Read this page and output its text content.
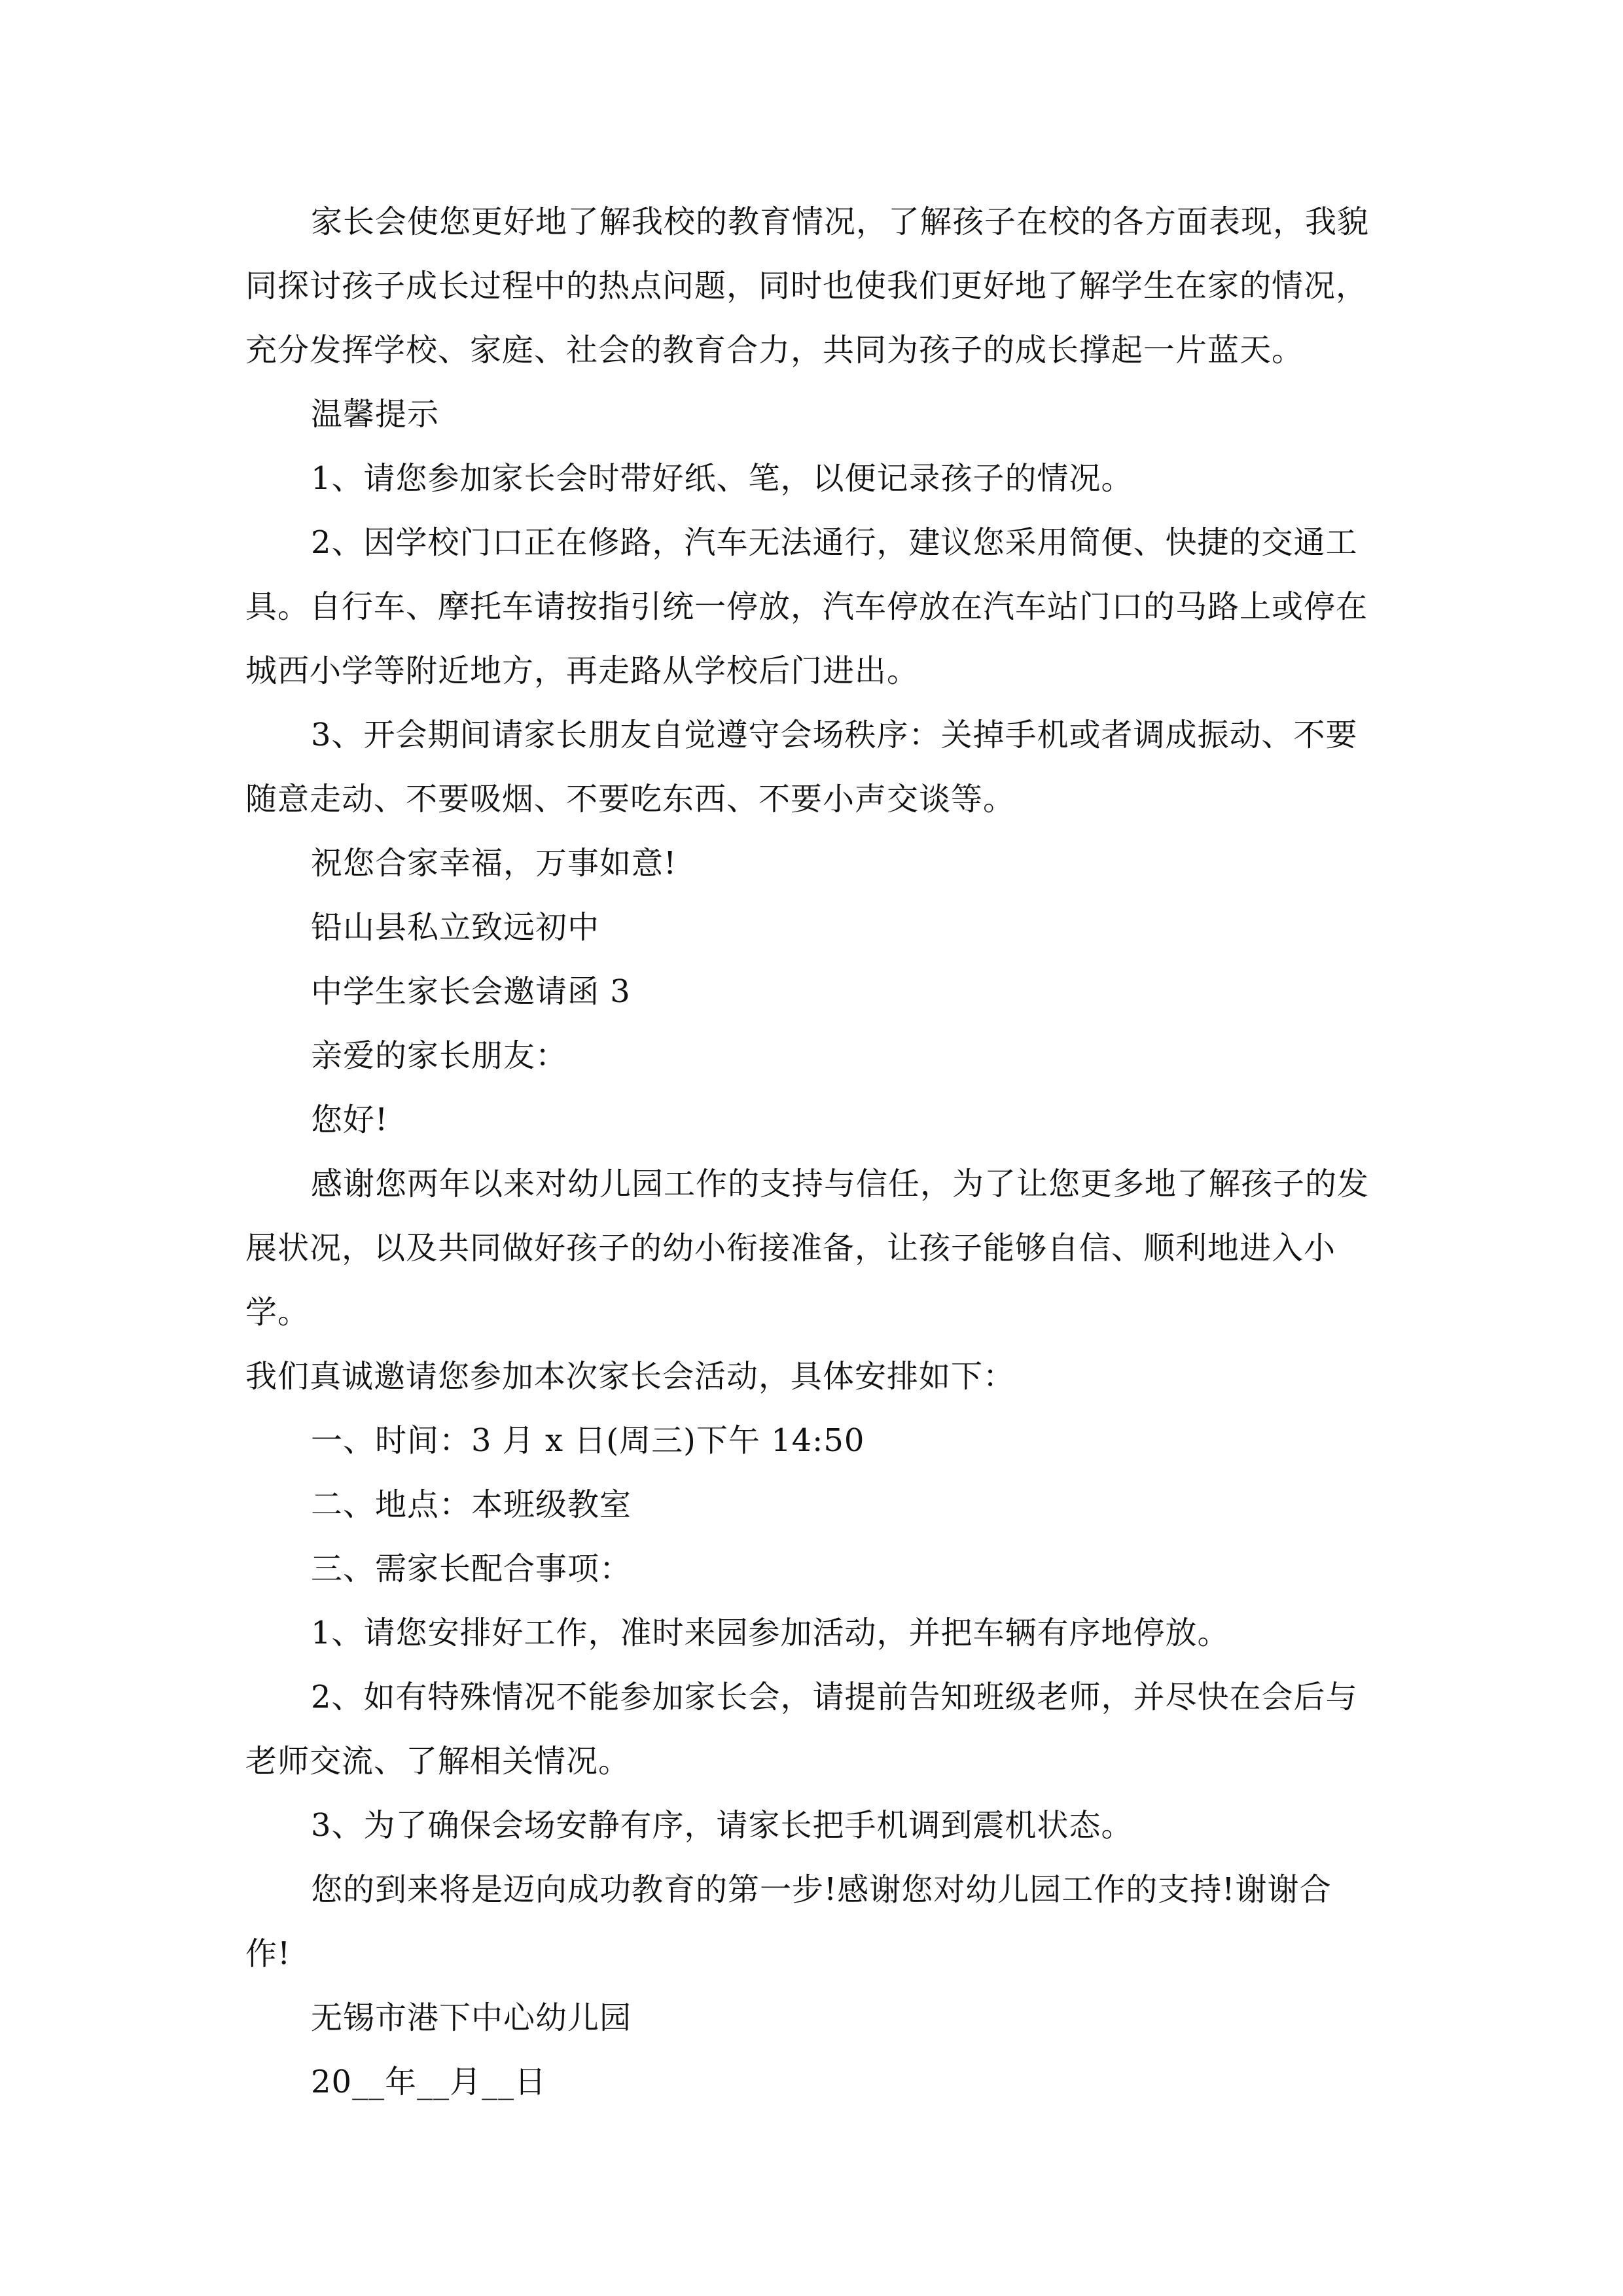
家长会使您更好地了解我校的教育情况，了解孩子在校的各方面表现，我貌

同探讨孩子成长过程中的热点问题，同时也使我们更好地了解学生在家的情况，

充分发挥学校、家庭、社会的教育合力，共同为孩子的成长撑起一片蓝天。

温馨提示

1、请您参加家长会时带好纸、笔，以便记录孩子的情况。

2、因学校门口正在修路，汽车无法通行，建议您采用简便、快捷的交通工

具。自行车、摩托车请按指引统一停放，汽车停放在汽车站门口的马路上或停在

城西小学等附近地方，再走路从学校后门进出。

3、开会期间请家长朋友自觉遵守会场秩序：关掉手机或者调成振动、不要

随意走动、不要吸烟、不要吃东西、不要小声交谈等。

祝您合家幸福，万事如意!

铅山县私立致远初中

中学生家长会邀请函 3

亲爱的家长朋友：

您好!

感谢您两年以来对幼儿园工作的支持与信任，为了让您更多地了解孩子的发

展状况，以及共同做好孩子的幼小衔接准备，让孩子能够自信、顺利地进入小学。

我们真诚邀请您参加本次家长会活动，具体安排如下：

一、时间：3 月 x 日(周三)下午 14:50

二、地点：本班级教室

三、需家长配合事项：

1、请您安排好工作，准时来园参加活动，并把车辆有序地停放。

2、如有特殊情况不能参加家长会，请提前告知班级老师，并尽快在会后与

老师交流、了解相关情况。

3、为了确保会场安静有序，请家长把手机调到震机状态。

您的到来将是迈向成功教育的第一步!感谢您对幼儿园工作的支持!谢谢合

作!

无锡市港下中心幼儿园

20__年__月__日
